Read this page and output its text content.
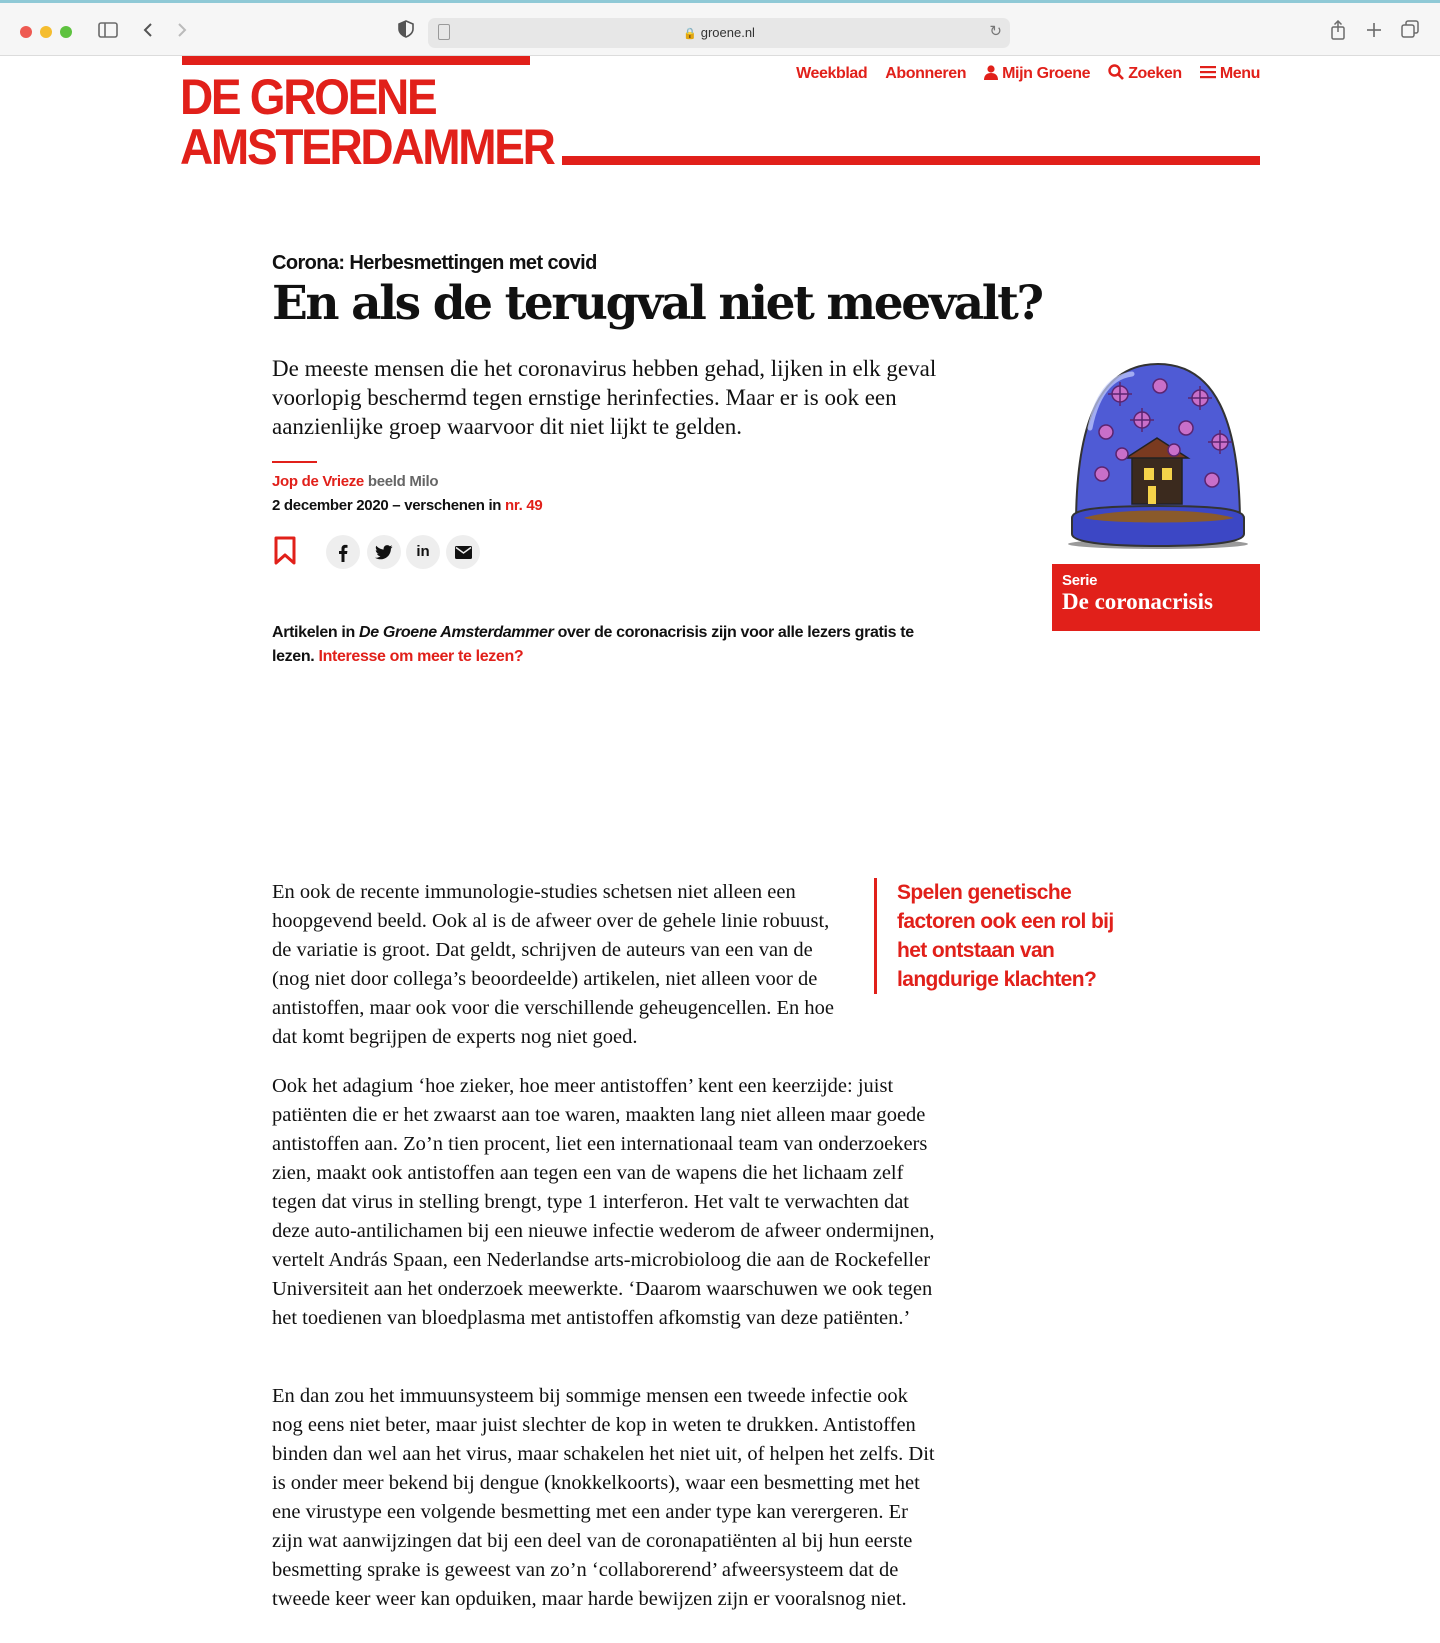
🔒 groene.nl	↻
DE GROENE
AMSTERDAMMER
Weekblad Abonneren Mijn Groene Zoeken Menu
Corona: Herbesmettingen met covid
En als de terugval niet meevalt?

De meeste mensen die het coronavirus hebben gehad, lijken in elk geval voorlopig beschermd tegen ernstige herinfecties. Maar er is ook een aanzienlijke groep waarvoor dit niet lijkt te gelden.

Jop de Vrieze beeld Milo
2 december 2020 – verschenen in nr. 49
in

Artikelen in De Groene Amsterdammer over de coronacrisis zijn voor alle lezers gratis te lezen. Interesse om meer te lezen?

Serie
De coronacrisis

En ook de recente immunologie-studies schetsen niet alleen een hoopgevend beeld. Ook al is de afweer over de gehele linie robuust, de variatie is groot. Dat geldt, schrijven de auteurs van een van de (nog niet door collega’s beoordeelde) artikelen, niet alleen voor de antistoffen, maar ook voor die verschillende geheugencellen. En hoe dat komt begrijpen de experts nog niet goed.

Spelen genetische factoren ook een rol bij het ontstaan van langdurige klachten?

Ook het adagium ‘hoe zieker, hoe meer antistoffen’ kent een keerzijde: juist patiënten die er het zwaarst aan toe waren, maakten lang niet alleen maar goede antistoffen aan. Zo’n tien procent, liet een internationaal team van onderzoekers zien, maakt ook antistoffen aan tegen een van de wapens die het lichaam zelf tegen dat virus in stelling brengt, type 1 interferon. Het valt te verwachten dat deze auto-antilichamen bij een nieuwe infectie wederom de afweer ondermijnen, vertelt András Spaan, een Nederlandse arts-microbioloog die aan de Rockefeller Universiteit aan het onderzoek meewerkte. ‘Daarom waarschuwen we ook tegen het toedienen van bloedplasma met antistoffen afkomstig van deze patiënten.’

En dan zou het immuunsysteem bij sommige mensen een tweede infectie ook nog eens niet beter, maar juist slechter de kop in weten te drukken. Antistoffen binden dan wel aan het virus, maar schakelen het niet uit, of helpen het zelfs. Dit is onder meer bekend bij dengue (knokkelkoorts), waar een besmetting met het ene virustype een volgende besmetting met een ander type kan verergeren. Er zijn wat aanwijzingen dat bij een deel van de coronapatiënten al bij hun eerste besmetting sprake is geweest van zo’n ‘collaborerend’ afweersysteem dat de tweede keer weer kan opduiken, maar harde bewijzen zijn er vooralsnog niet.
